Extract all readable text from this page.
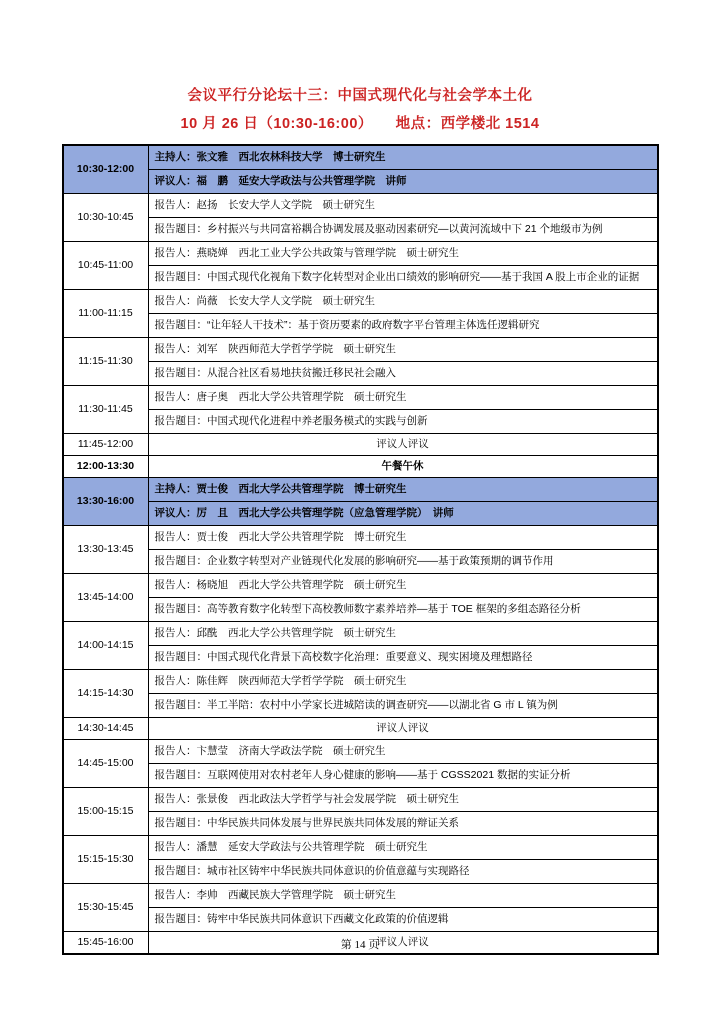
会议平行分论坛十三：中国式现代化与社会学本土化
10 月 26 日（10:30-16:00）　　地点：西学楼北 1514
10:30-12:00	主持人：张文雅　西北农林科技大学　博士研究生
	评议人：福　鹏　延安大学政法与公共管理学院　讲师
10:30-10:45	报告人：赵扬　长安大学人文学院　硕士研究生
	报告题目：乡村振兴与共同富裕耦合协调发展及驱动因素研究—以黄河流域中下 21 个地级市为例
10:45-11:00	报告人：燕晓婵　西北工业大学公共政策与管理学院　硕士研究生
	报告题目：中国式现代化视角下数字化转型对企业出口绩效的影响研究——基于我国 A 股上市企业的证据
11:00-11:15	报告人：尚薇　长安大学人文学院　硕士研究生
	报告题目：“让年轻人干技术”：基于资历要素的政府数字平台管理主体选任逻辑研究
11:15-11:30	报告人：刘军　陕西师范大学哲学学院　硕士研究生
	报告题目：从混合社区看易地扶贫搬迁移民社会融入
11:30-11:45	报告人：唐子奥　西北大学公共管理学院　硕士研究生
	报告题目：中国式现代化进程中养老服务模式的实践与创新
11:45-12:00	评议人评议
12:00-13:30	午餐午休
13:30-16:00	主持人：贾士俊　西北大学公共管理学院　博士研究生
	评议人：厉　且　西北大学公共管理学院（应急管理学院）　讲师
13:30-13:45	报告人：贾士俊　西北大学公共管理学院　博士研究生
	报告题目：企业数字转型对产业链现代化发展的影响研究——基于政策预期的调节作用
13:45-14:00	报告人：杨晓旭　西北大学公共管理学院　硕士研究生
	报告题目：高等教育数字化转型下高校教师数字素养培养—基于 TOE 框架的多组态路径分析
14:00-14:15	报告人：邱酰　西北大学公共管理学院　硕士研究生
	报告题目：中国式现代化背景下高校数字化治理：重要意义、现实困境及理想路径
14:15-14:30	报告人：陈佳辉　陕西师范大学哲学学院　硕士研究生
	报告题目：半工半陪：农村中小学家长进城陪读的调查研究——以湖北省 G 市 L 镇为例
14:30-14:45	评议人评议
14:45-15:00	报告人：卞慧莹　济南大学政法学院　硕士研究生
	报告题目：互联网使用对农村老年人身心健康的影响——基于 CGSS2021 数据的实证分析
15:00-15:15	报告人：张景俊　西北政法大学哲学与社会发展学院　硕士研究生
	报告题目：中华民族共同体发展与世界民族共同体发展的辩证关系
15:15-15:30	报告人：潘慧　延安大学政法与公共管理学院　硕士研究生
	报告题目：城市社区铸牢中华民族共同体意识的价值意蕴与实现路径
15:30-15:45	报告人：李帅　西藏民族大学管理学院　硕士研究生
	报告题目：铸牢中华民族共同体意识下西藏文化政策的价值逻辑
15:45-16:00	评议人评议
第 14 页
